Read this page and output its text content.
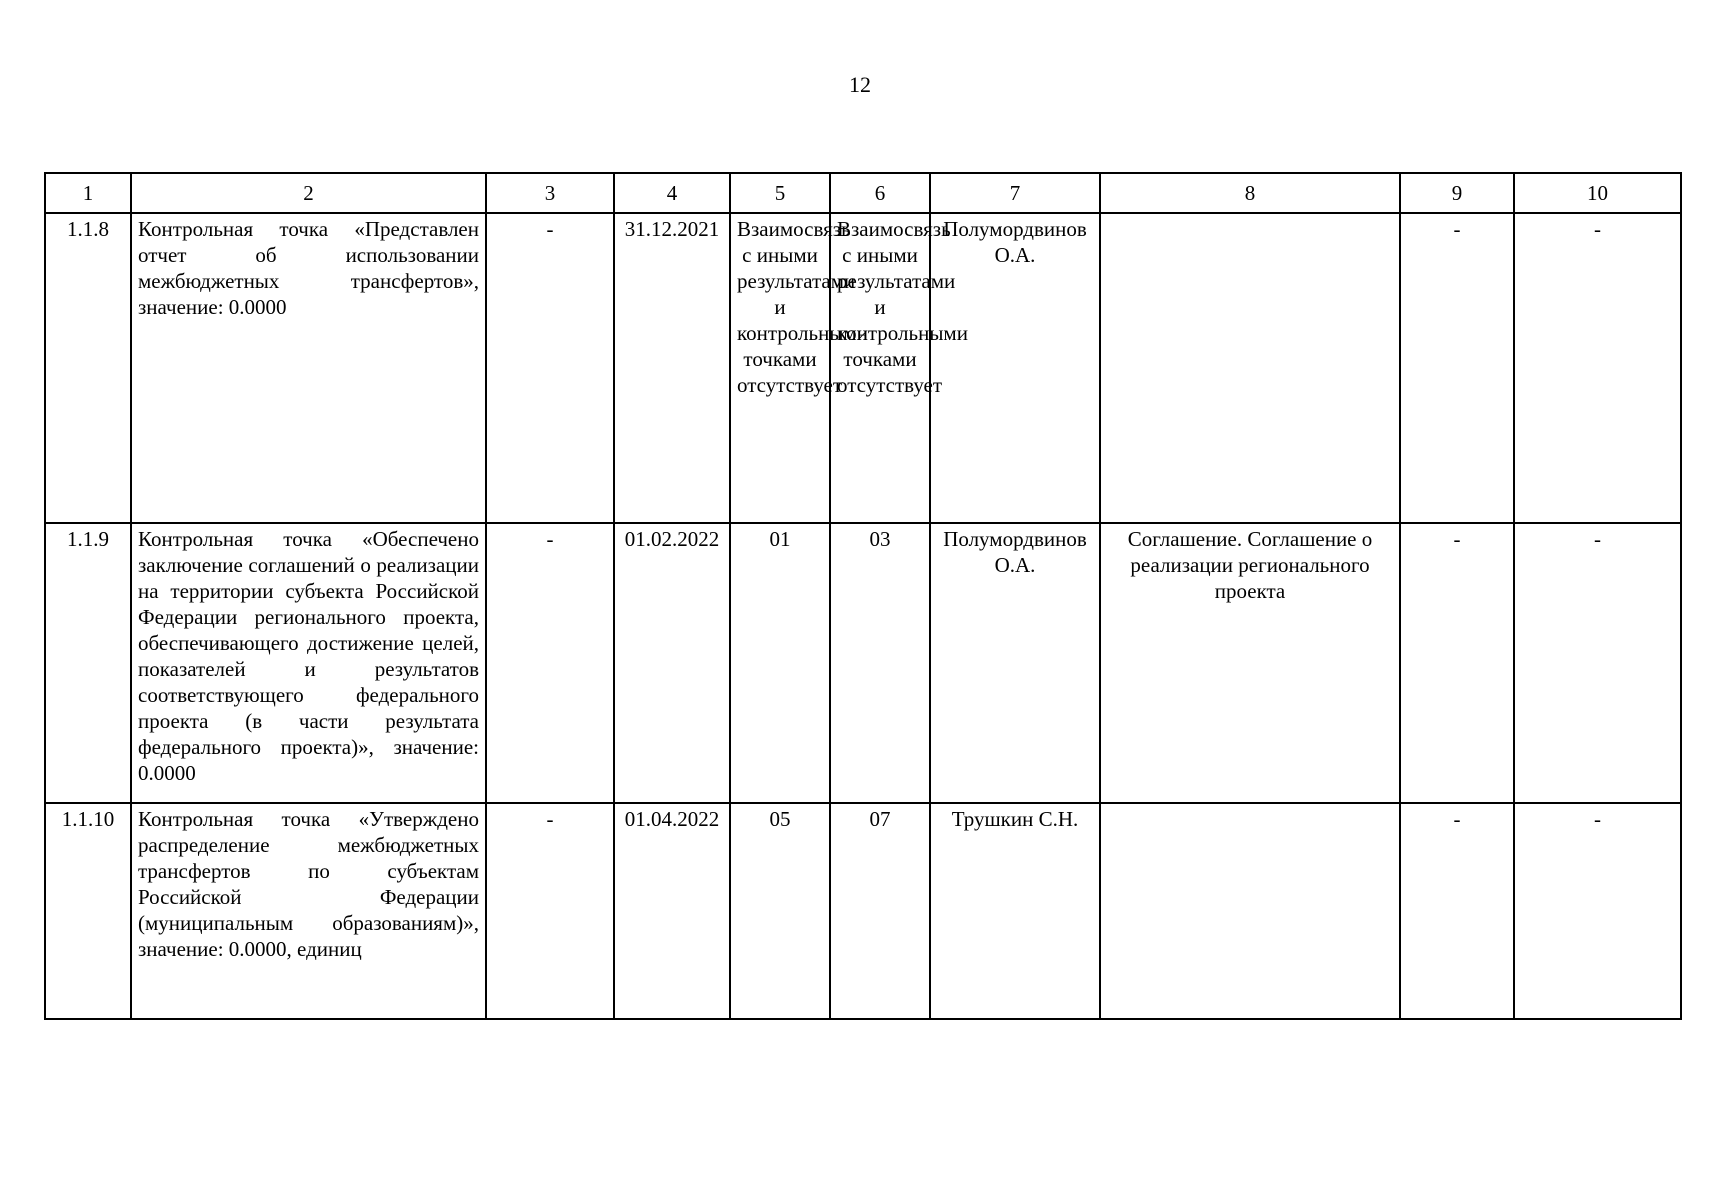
12
1	2	3	4	5	6	7	8	9	10
1.1.8	Контрольная точка «Представлен отчет об использовании межбюджетных трансфертов», значение: 0.0000	-	31.12.2021	Взаимосвязь с иными результатами и контрольными точками отсутствует	Взаимосвязь с иными результатами и контрольными точками отсутствует	Полумордвинов О.А.		-	-
1.1.9	Контрольная точка «Обеспечено заключение соглашений о реализации на территории субъекта Российской Федерации регионального проекта, обеспечивающего достижение целей, показателей и результатов соответствующего федерального проекта (в части результата федерального проекта)», значение: 0.0000	-	01.02.2022	01	03	Полумордвинов О.А.	Соглашение. Соглашение о реализации регионального проекта	-	-
1.1.10	Контрольная точка «Утверждено распределение межбюджетных трансфертов по субъектам Российской Федерации (муниципальным образованиям)», значение: 0.0000, единиц	-	01.04.2022	05	07	Трушкин С.Н.		-	-
